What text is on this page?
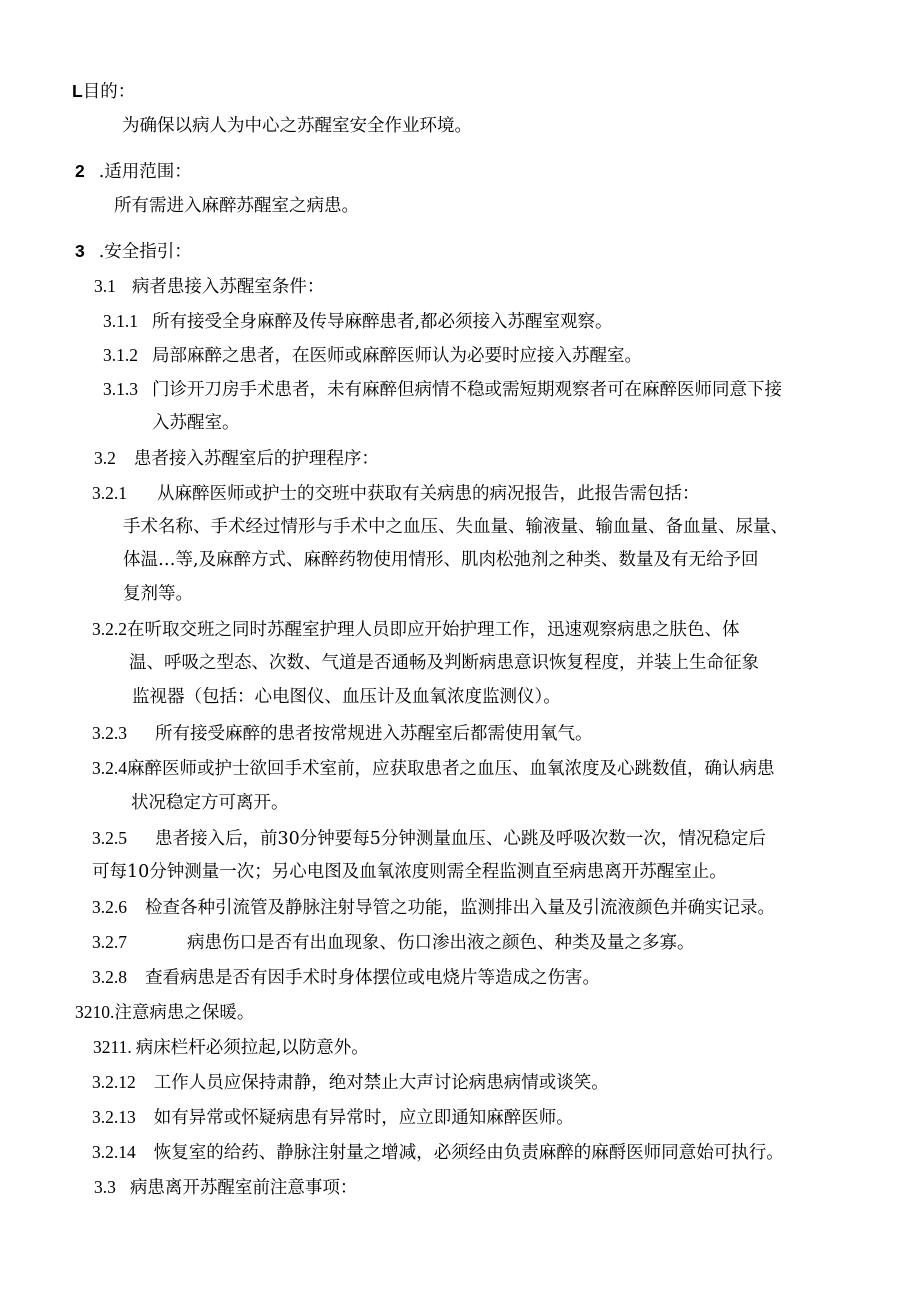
L目的：
为确保以病人为中心之苏醒室安全作业环境。
2 .适用范围：
所有需进入麻醉苏醒室之病患。
3 .安全指引：
3.1 病者患接入苏醒室条件：
3.1.1 所有接受全身麻醉及传导麻醉患者,都必须接入苏醒室观察。
3.1.2 局部麻醉之患者，在医师或麻醉医师认为必要时应接入苏醒室。
3.1.3 门诊开刀房手术患者，未有麻醉但病情不稳或需短期观察者可在麻醉医师同意下接
入苏醒室。
3.2 患者接入苏醒室后的护理程序：
3.2.1 从麻醉医师或护士的交班中获取有关病患的病况报告，此报告需包括：
手术名称、手术经过情形与手术中之血压、失血量、输液量、输血量、备血量、尿量、
体温…等,及麻醉方式、麻醉药物使用情形、肌肉松弛剂之种类、数量及有无给予回
复剂等。
3.2.2在听取交班之同时苏醒室护理人员即应开始护理工作，迅速观察病患之肤色、体
温、呼吸之型态、次数、气道是否通畅及判断病患意识恢复程度，并装上生命征象
监视器（包括：心电图仪、血压计及血氧浓度监测仪）。
3.2.3 所有接受麻醉的患者按常规进入苏醒室后都需使用氧气。
3.2.4麻醉医师或护士欲回手术室前，应获取患者之血压、血氧浓度及心跳数值，确认病患
状况稳定方可离开。
3.2.5 患者接入后，前30分钟要每5分钟测量血压、心跳及呼吸次数一次，情况稳定后
可每10分钟测量一次；另心电图及血氧浓度则需全程监测直至病患离开苏醒室止。
3.2.6 检查各种引流管及静脉注射导管之功能，监测排出入量及引流液颜色并确实记录。
3.2.7	病患伤口是否有出血现象、伤口渗出液之颜色、种类及量之多寡。
3.2.8 查看病患是否有因手术时身体摆位或电烧片等造成之伤害。
3210.注意病患之保暖。
3211. 病床栏杆必须拉起,以防意外。
3.2.12 工作人员应保持肃静，绝对禁止大声讨论病患病情或谈笑。
3.2.13 如有异常或怀疑病患有异常时，应立即通知麻醉医师。
3.2.14 恢复室的给药、静脉注射量之增减，必须经由负责麻醉的麻酹医师同意始可执行。
3.3 病患离开苏醒室前注意事项：
